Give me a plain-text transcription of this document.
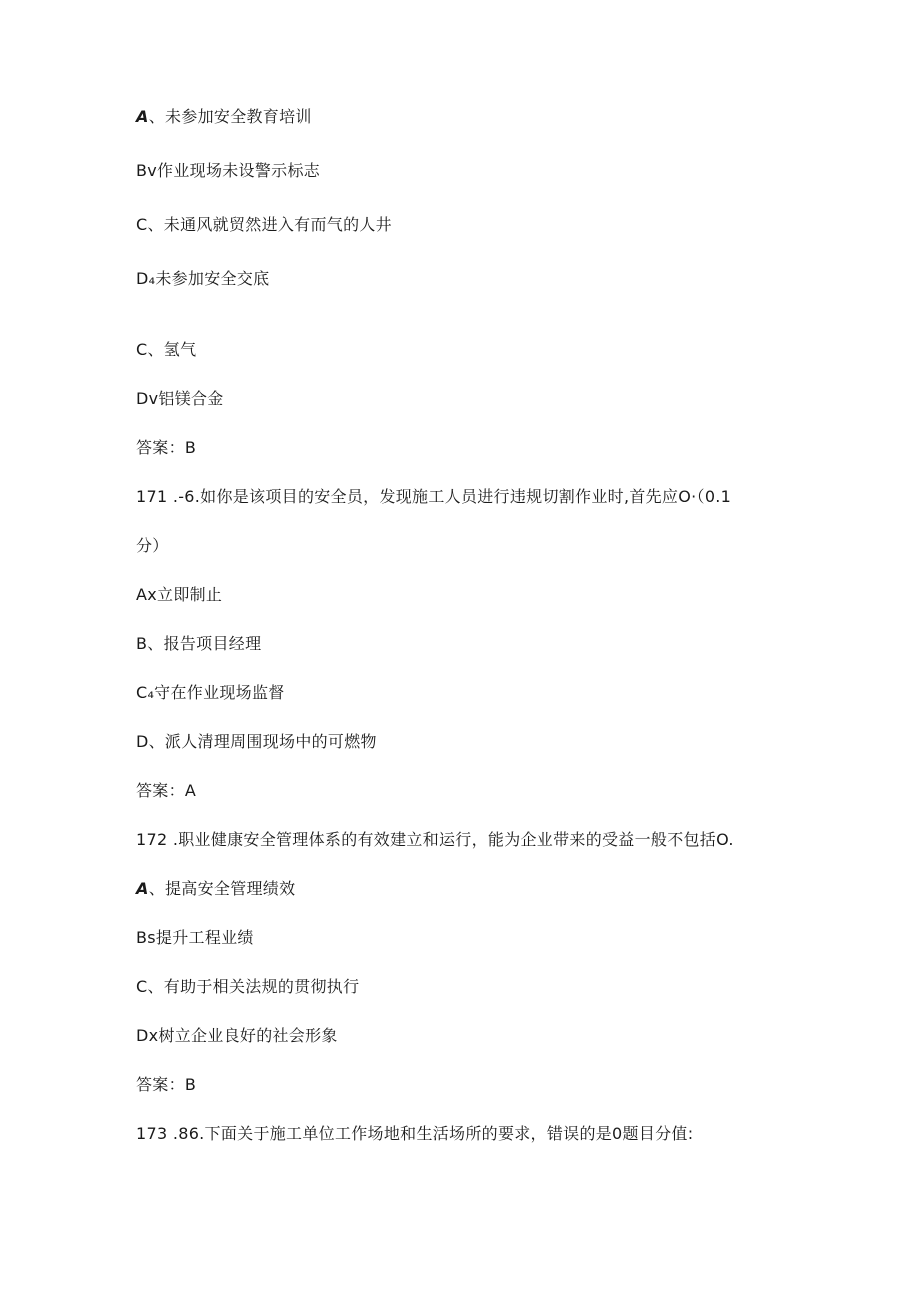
A、未参加安全教育培训
Bv作业现场未设警示标志
C、未通风就贸然进入有而气的人井
D₄未参加安全交底
C、氢气
Dv铝镁合金
答案：B
171 .-6.如你是该项目的安全员，发现施工人员进行违规切割作业时,首先应O·（0.1
分）
Ax立即制止
B、报告项目经理
C₄守在作业现场监督
D、派人清理周围现场中的可燃物
答案：A
172 .职业健康安全管理体系的有效建立和运行，能为企业带来的受益一般不包括O.
A、提高安全管理绩效
Bs提升工程业绩
C、有助于相关法规的贯彻执行
Dx树立企业良好的社会形象
答案：B
173 .86.下面关于施工单位工作场地和生活场所的要求，错误的是0题目分值:
